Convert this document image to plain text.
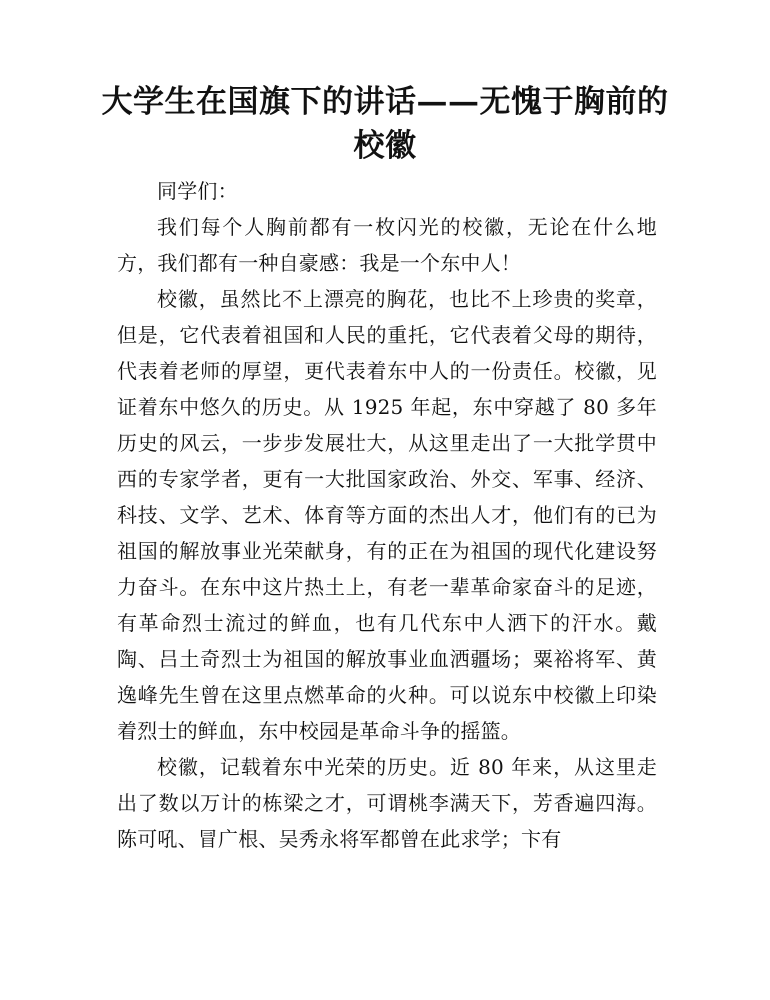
大学生在国旗下的讲话——无愧于胸前的校徽

同学们：

我们每个人胸前都有一枚闪光的校徽，无论在什么地方，我们都有一种自豪感：我是一个东中人！

校徽，虽然比不上漂亮的胸花，也比不上珍贵的奖章，但是，它代表着祖国和人民的重托，它代表着父母的期待，代表着老师的厚望，更代表着东中人的一份责任。校徽，见证着东中悠久的历史。从 1925 年起，东中穿越了 80 多年历史的风云，一步步发展壮大，从这里走出了一大批学贯中西的专家学者，更有一大批国家政治、外交、军事、经济、科技、文学、艺术、体育等方面的杰出人才，他们有的已为祖国的解放事业光荣献身，有的正在为祖国的现代化建设努力奋斗。在东中这片热土上，有老一辈革命家奋斗的足迹，有革命烈士流过的鲜血，也有几代东中人洒下的汗水。戴陶、吕土奇烈士为祖国的解放事业血洒疆场；粟裕将军、黄逸峰先生曾在这里点燃革命的火种。可以说东中校徽上印染着烈士的鲜血，东中校园是革命斗争的摇篮。

校徽，记载着东中光荣的历史。近 80 年来，从这里走出了数以万计的栋梁之才，可谓桃李满天下，芳香遍四海。陈可吼、冒广根、吴秀永将军都曾在此求学；卞有
